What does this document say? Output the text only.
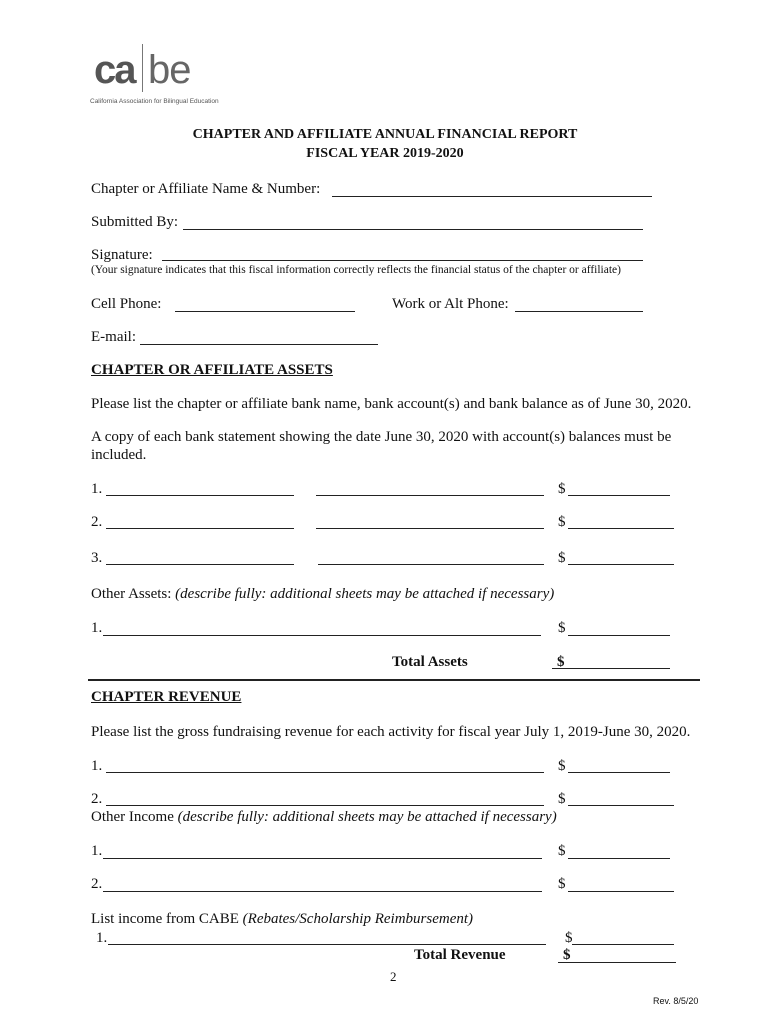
ca be
California Association for Bilingual Education
CHAPTER AND AFFILIATE ANNUAL FINANCIAL REPORT
FISCAL YEAR 2019-2020
Chapter or Affiliate Name & Number:
Submitted By:
Signature:
(Your signature indicates that this fiscal information correctly reflects the financial status of the chapter or affiliate)
Cell Phone:	Work or Alt Phone:
E-mail:
CHAPTER OR AFFILIATE ASSETS
Please list the chapter or affiliate bank name, bank account(s) and bank balance as of June 30, 2020.
A copy of each bank statement showing the date June 30, 2020 with account(s) balances must be
included.
1.	$
2.	$
3.	$
Other Assets: (describe fully: additional sheets may be attached if necessary)
1.	$
Total Assets	$
CHAPTER REVENUE
Please list the gross fundraising revenue for each activity for fiscal year July 1, 2019-June 30, 2020.
1.	$
2.	$
Other Income (describe fully: additional sheets may be attached if necessary)
1.	$
2.	$
List income from CABE (Rebates/Scholarship Reimbursement)
1.	$
Total Revenue	$
2
Rev. 8/5/20
